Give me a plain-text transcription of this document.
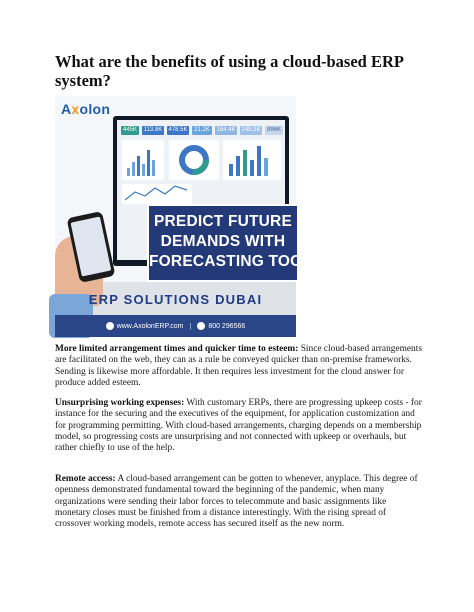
What are the benefits of using a cloud-based ERP system?
445K	113.8K 478.5K	21.2K	184.4K 249.2K	896K
Axolon
PREDICT FUTURE
DEMANDS WITH
FORECASTING TOOLS
ERP SOLUTIONS DUBAI
www.AxolonERP.com |	800 296566

More limited arrangement times and quicker time to esteem: Since cloud-based arrangements are facilitated on the web, they can as a rule be conveyed quicker than on-premise frameworks. Sending is likewise more affordable. It then requires less investment for the cloud answer for produce added esteem.

Unsurprising working expenses: With customary ERPs, there are progressing upkeep costs - for instance for the securing and the executives of the equipment, for application customization and for programming permitting. With cloud-based arrangements, charging depends on a membership model, so progressing costs are unsurprising and not connected with upkeep or overhauls, but rather chiefly to use of the help.

Remote access: A cloud-based arrangement can be gotten to whenever, anyplace. This degree of openness demonstrated fundamental toward the beginning of the pandemic, when many organizations were sending their labor forces to telecommute and basic assignments like monetary closes must be finished from a distance interestingly. With the rising spread of crossover working models, remote access has secured itself as the new norm.
